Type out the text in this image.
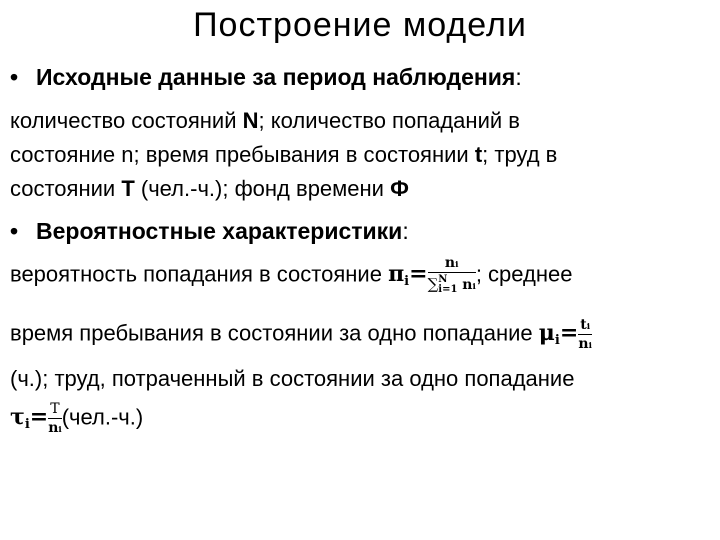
Построение модели
• Исходные данные за период наблюдения:
количество состояний N; количество попаданий в
состояние n; время пребывания в состоянии t; труд в
состоянии T (чел.-ч.); фонд времени Ф
• Вероятностные характеристики:
вероятность попадания в состояние $\pi_i=$ nᵢ
∑ N
i=1 nᵢ ; среднее
время пребывания в состоянии за одно попадание $\mu_i= \frac{\text{tᵢ}}{\text{nᵢ}}$
(ч.); труд, потраченный в состоянии за одно попадание
$\tau_i= \frac{T}{\text{nᵢ}} (чел.-ч.)$
